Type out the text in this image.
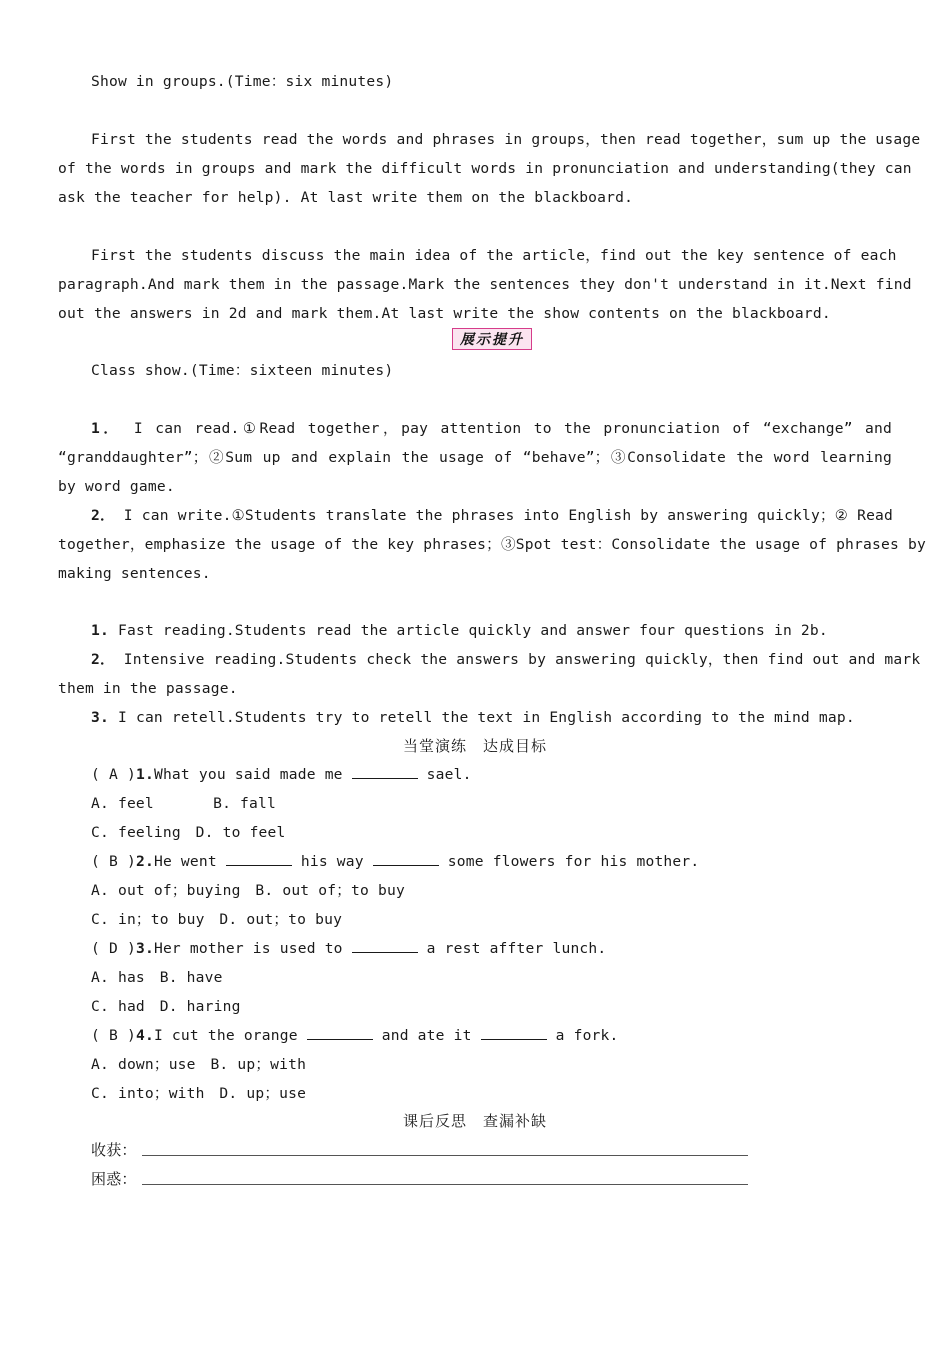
Show in groups.(Time：six minutes)
First the students read the words and phrases in groups，then read together，sum up the usage
of the words in groups and mark the difficult words in pronunciation and understanding(they can
ask the teacher for help). At last write them on the blackboard.
First the students discuss the main idea of the article，find out the key sentence of each
paragraph.And mark them in the passage.Mark the sentences they don't understand in it.Next find
out the answers in 2d and mark them.At last write the show contents on the blackboard.
展示提升
Class show.(Time：sixteen minutes)
1． I can read.①Read together，pay attention to the pronunciation of “exchange” and
“granddaughter”；②Sum up and explain the usage of “behave”；③Consolidate the word learning
by word game.
2． I can write.①Students translate the phrases into English by answering quickly；② Read
together，emphasize the usage of the key phrases；③Spot test：Consolidate the usage of phrases by
making sentences.
1. Fast reading.Students read the article quickly and answer four questions in 2b.
2． Intensive reading.Students check the answers by answering quickly，then find out and mark
them in the passage.
3. I can retell.Students try to retell the text in English according to the mind map.
当堂演练　达成目标
( A )1.What you said made me	sael.
A. feel　　　　B. fall
C. feeling　D. to feel
( B )2.He went	his way	some flowers for his mother.
A. out of；buying　B. out of；to buy
C. in；to buy　D. out；to buy
( D )3.Her mother is used to	a rest affter lunch.
A. has　B. have
C. had　D. haring
( B )4.I cut the orange	and ate it	a fork.
A. down；use　B. up；with
C. into；with　D. up；use
课后反思　查漏补缺
收获：
困惑：
